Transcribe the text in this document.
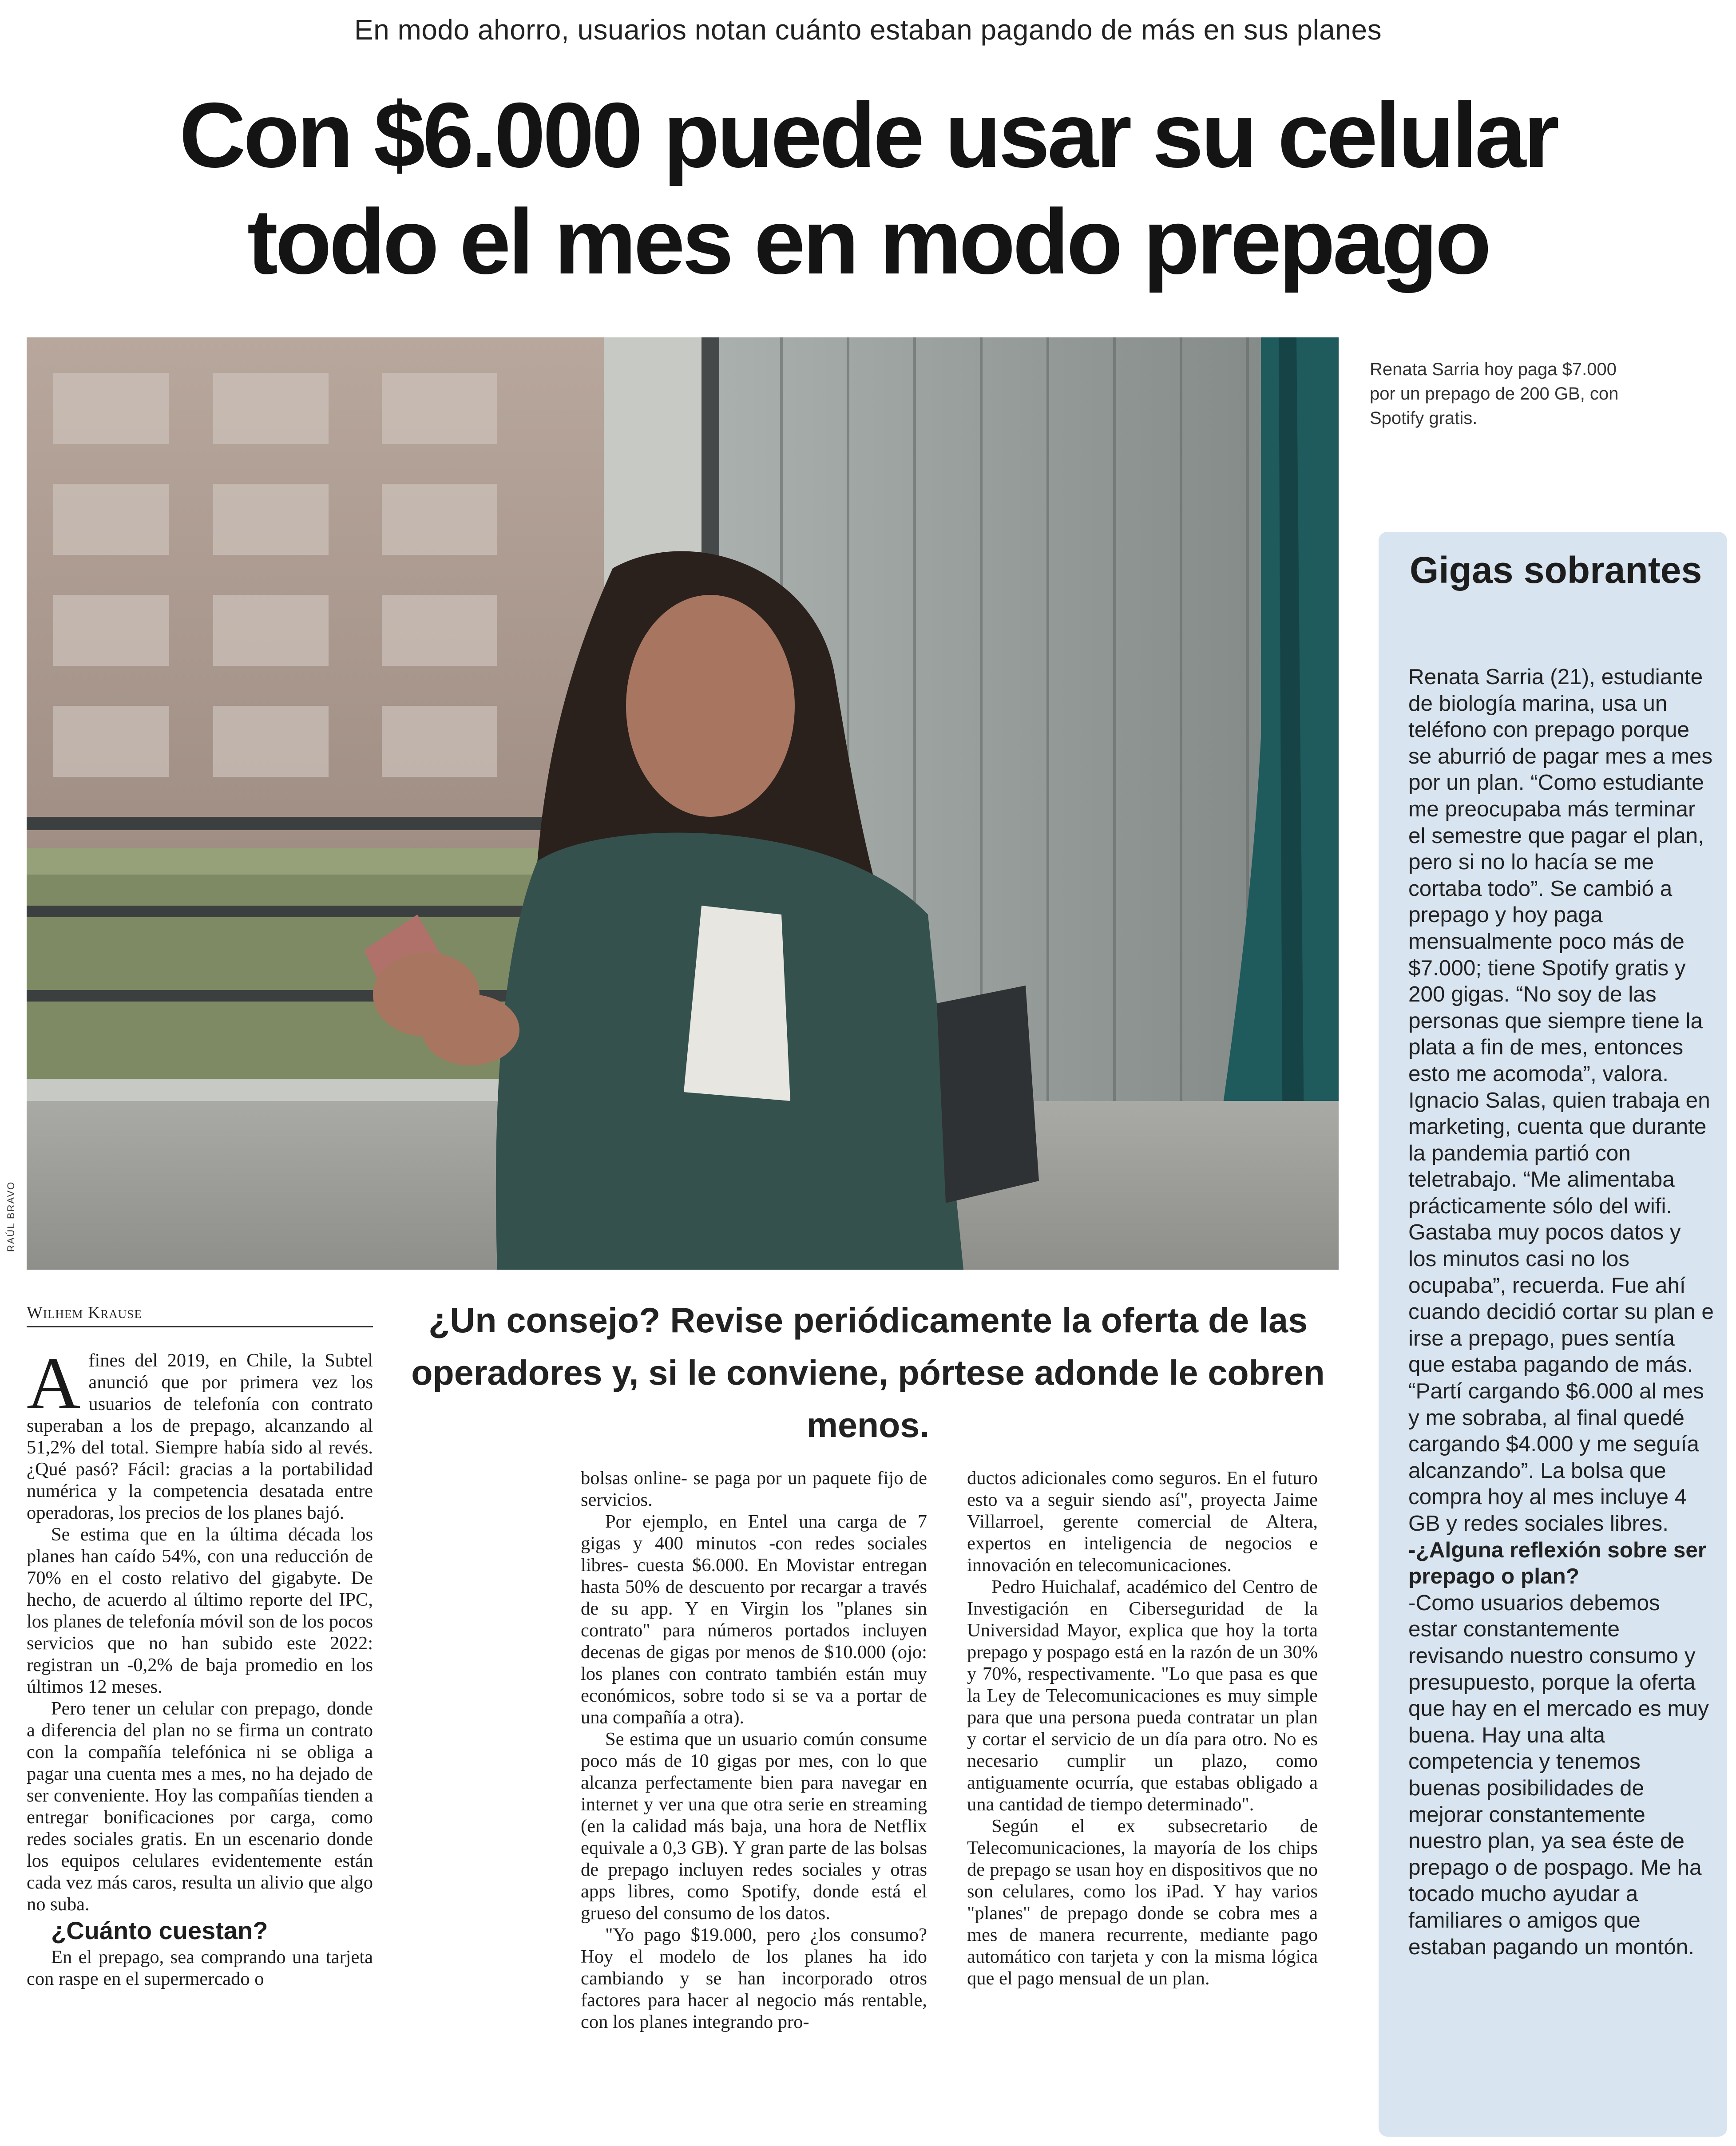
En modo ahorro, usuarios notan cuánto estaban pagando de más en sus planes
Con $6.000 puede usar su celular
todo el mes en modo prepago
RAÚL BRAVO
Renata Sarria hoy paga $7.000 por un prepago de 200 GB, con Spotify gratis.
Gigas sobrantes
Renata Sarria (21), estudiante de biología marina, usa un teléfono con prepago porque se aburrió de pagar mes a mes por un plan. “Como estudiante me preocupaba más terminar el semestre que pagar el plan, pero si no lo hacía se me cortaba todo”. Se cambió a prepago y hoy paga mensualmente poco más de $7.000; tiene Spotify gratis y 200 gigas. “No soy de las personas que siempre tiene la plata a fin de mes, entonces esto me acomoda”, valora. Ignacio Salas, quien trabaja en marketing, cuenta que durante la pandemia partió con teletrabajo. “Me alimentaba prácticamente sólo del wifi. Gastaba muy pocos datos y los minutos casi no los ocupaba”, recuerda. Fue ahí cuando decidió cortar su plan e irse a prepago, pues sentía que estaba pagando de más. “Partí cargando $6.000 al mes y me sobraba, al final quedé cargando $4.000 y me seguía alcanzando”. La bolsa que compra hoy al mes incluye 4 GB y redes sociales libres.
-¿Alguna reflexión sobre ser prepago o plan?
-Como usuarios debemos estar constantemente revisando nuestro consumo y presupuesto, porque la oferta que hay en el mercado es muy buena. Hay una alta competencia y tenemos buenas posibilidades de mejorar constantemente nuestro plan, ya sea éste de prepago o de pospago. Me ha tocado mucho ayudar a familiares o amigos que estaban pagando un montón.
Wilhem Krause	¿Un consejo? Revise periódicamente la oferta de las operadores y, si le conviene, pórtese adonde le cobren menos.

Afines del 2019, en Chile, la Subtel anunció que por primera vez los usuarios de telefonía con contrato superaban a los de prepago, alcanzando al 51,2% del total. Siempre había sido al revés. ¿Qué pasó? Fácil: gracias a la portabilidad numérica y la competencia desatada entre operadoras, los precios de los planes bajó.

Se estima que en la última década los planes han caído 54%, con una reducción de 70% en el costo relativo del gigabyte. De hecho, de acuerdo al último reporte del IPC, los planes de telefonía móvil son de los pocos servicios que no han subido este 2022: registran un -0,2% de baja promedio en los últimos 12 meses.

Pero tener un celular con prepago, donde a diferencia del plan no se firma un contrato con la compañía telefónica ni se obliga a pagar una cuenta mes a mes, no ha dejado de ser conveniente. Hoy las compañías tienden a entregar bonificaciones por carga, como redes sociales gratis. En un escenario donde los equipos celulares evidentemente están cada vez más caros, resulta un alivio que algo no suba.

¿Cuánto cuestan?

En el prepago, sea comprando una tarjeta con raspe en el supermercado o

bolsas online- se paga por un paquete fijo de servicios.

Por ejemplo, en Entel una carga de 7 gigas y 400 minutos -con redes sociales libres- cuesta $6.000. En Movistar entregan hasta 50% de descuento por recargar a través de su app. Y en Virgin los "planes sin contrato" para números portados incluyen decenas de gigas por menos de $10.000 (ojo: los planes con contrato también están muy económicos, sobre todo si se va a portar de una compañía a otra).

Se estima que un usuario común consume poco más de 10 gigas por mes, con lo que alcanza perfectamente bien para navegar en internet y ver una que otra serie en streaming (en la calidad más baja, una hora de Netflix equivale a 0,3 GB). Y gran parte de las bolsas de prepago incluyen redes sociales y otras apps libres, como Spotify, donde está el grueso del consumo de los datos.

"Yo pago $19.000, pero ¿los consumo? Hoy el modelo de los planes ha ido cambiando y se han incorporado otros factores para hacer al negocio más rentable, con los planes integrando pro-

ductos adicionales como seguros. En el futuro esto va a seguir siendo así", proyecta Jaime Villarroel, gerente comercial de Altera, expertos en inteligencia de negocios e innovación en telecomunicaciones.

Pedro Huichalaf, académico del Centro de Investigación en Ciberseguridad de la Universidad Mayor, explica que hoy la torta prepago y pospago está en la razón de un 30% y 70%, respectivamente. "Lo que pasa es que la Ley de Telecomunicaciones es muy simple para que una persona pueda contratar un plan y cortar el servicio de un día para otro. No es necesario cumplir un plazo, como antiguamente ocurría, que estabas obligado a una cantidad de tiempo determinado".

Según el ex subsecretario de Telecomunicaciones, la mayoría de los chips de prepago se usan hoy en dispositivos que no son celulares, como los iPad. Y hay varios "planes" de prepago donde se cobra mes a mes de manera recurrente, mediante pago automático con tarjeta y con la misma lógica que el pago mensual de un plan.
